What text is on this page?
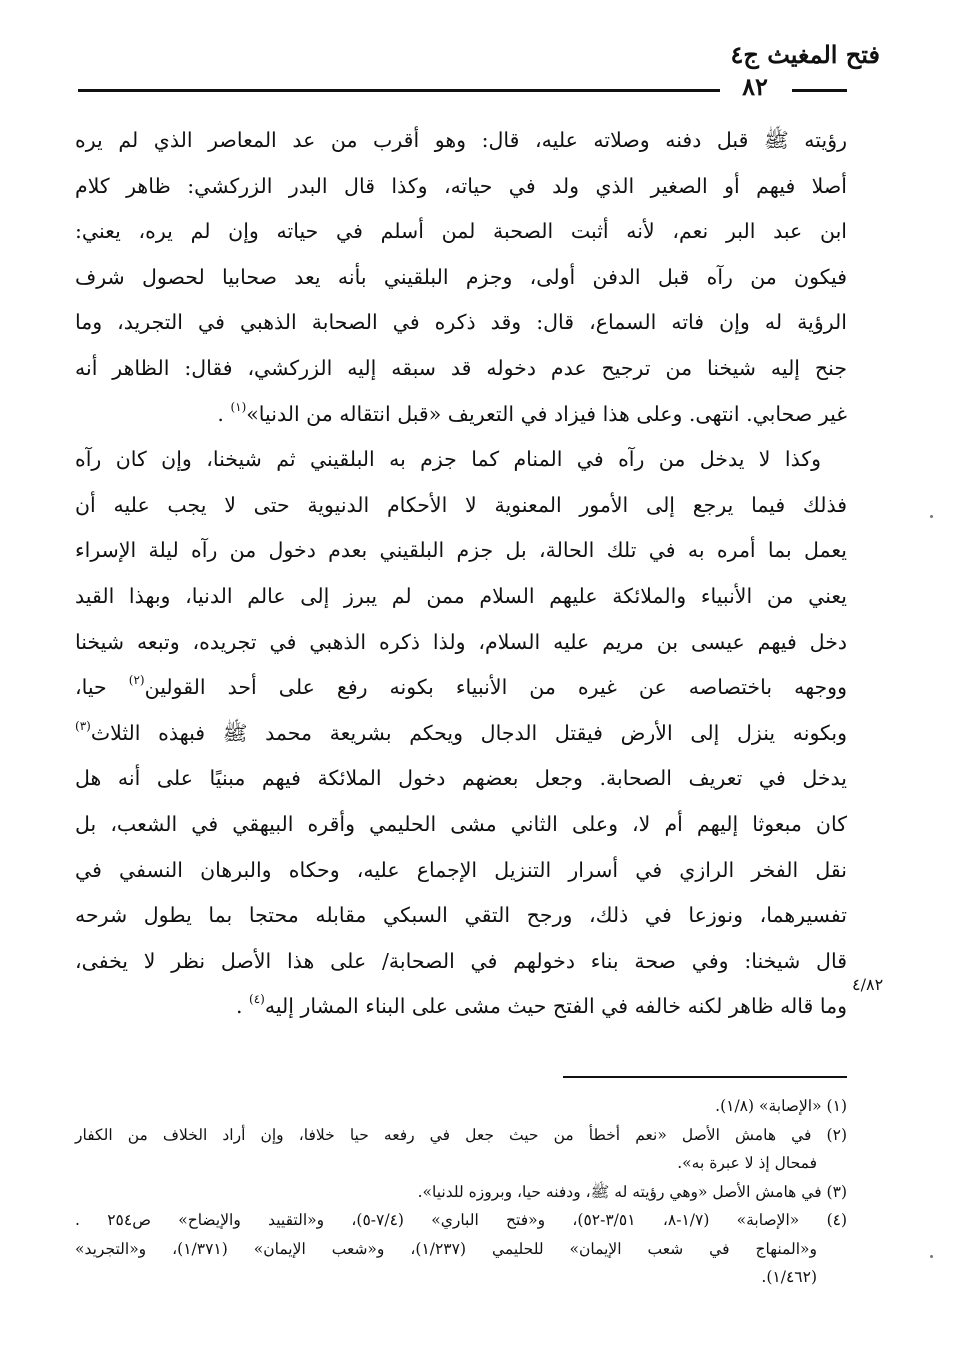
فتح المغيث ج٤
٨٢
رؤيته ﷺ قبل دفنه وصلاته عليه، قال: وهو أقرب من عد المعاصر الذي لم يره
أصلا فيهم أو الصغير الذي ولد في حياته، وكذا قال البدر الزركشي: ظاهر كلام
ابن عبد البر نعم، لأنه أثبت الصحبة لمن أسلم في حياته وإن لم يره، يعني:
فيكون من رآه قبل الدفن أولى، وجزم البلقيني بأنه يعد صحابيا لحصول شرف
الرؤية له وإن فاته السماع، قال: وقد ذكره في الصحابة الذهبي في التجريد، وما
جنح إليه شيخنا من ترجيح عدم دخوله قد سبقه إليه الزركشي، فقال: الظاهر أنه
غير صحابي. انتهى. وعلى هذا فيزاد في التعريف «قبل انتقاله من الدنيا»$^{(١)}$ .
وكذا لا يدخل من رآه في المنام كما جزم به البلقيني ثم شيخنا، وإن كان رآه
فذلك فيما يرجع إلى الأمور المعنوية لا الأحكام الدنيوية حتى لا يجب عليه أن
يعمل بما أمره به في تلك الحالة، بل جزم البلقيني بعدم دخول من رآه ليلة الإسراء
يعني من الأنبياء والملائكة عليهم السلام ممن لم يبرز إلى عالم الدنيا، وبهذا القيد
دخل فيهم عيسى بن مريم عليه السلام، ولذا ذكره الذهبي في تجريده، وتبعه شيخنا
ووجهه باختصاصه عن غيره من الأنبياء بكونه رفع على أحد القولين$^{(٢)}$ حيا،
وبكونه ينزل إلى الأرض فيقتل الدجال ويحكم بشريعة محمد ﷺ فبهذه الثلاث$^{(٣)}$
يدخل في تعريف الصحابة. وجعل بعضهم دخول الملائكة فيهم مبنيًا على أنه هل
كان مبعوثا إليهم أم لا، وعلى الثاني مشى الحليمي وأقره البيهقي في الشعب، بل
نقل الفخر الرازي في أسرار التنزيل الإجماع عليه، وحكاه والبرهان النسفي في
تفسيرهما، ونوزعا في ذلك، ورجح التقي السبكي مقابله محتجا بما يطول شرحه
قال شيخنا: وفي صحة بناء دخولهم في الصحابة/ على هذا الأصل نظر لا يخفى،
وما قاله ظاهر لكنه خالفه في الفتح حيث مشى على البناء المشار إليه$^{(٤)}$ .
٤/٨٢
(١) «الإصابة» (١/٨).
(٢) في هامش الأصل «نعم أخطأ من حيث جعل في رفعه حيا خلافا، وإن أراد الخلاف من الكفار
فمحال إذ لا عبرة به».
(٣) في هامش الأصل «وهي رؤيته له ﷺ، ودفنه حيا، وبروزه للدنيا».
(٤) «الإصابة» (١/٧-٨، ٣/٥١-٥٢)، و«فتح الباري» (٧/٤-٥)، و«التقييد والإيضاح» ص٢٥٤ .
و«المنهاج في شعب الإيمان» للحليمي (١/٢٣٧)، و«شعب الإيمان» (١/٣٧١)، و«التجريد»
(١/٤٦٢).
